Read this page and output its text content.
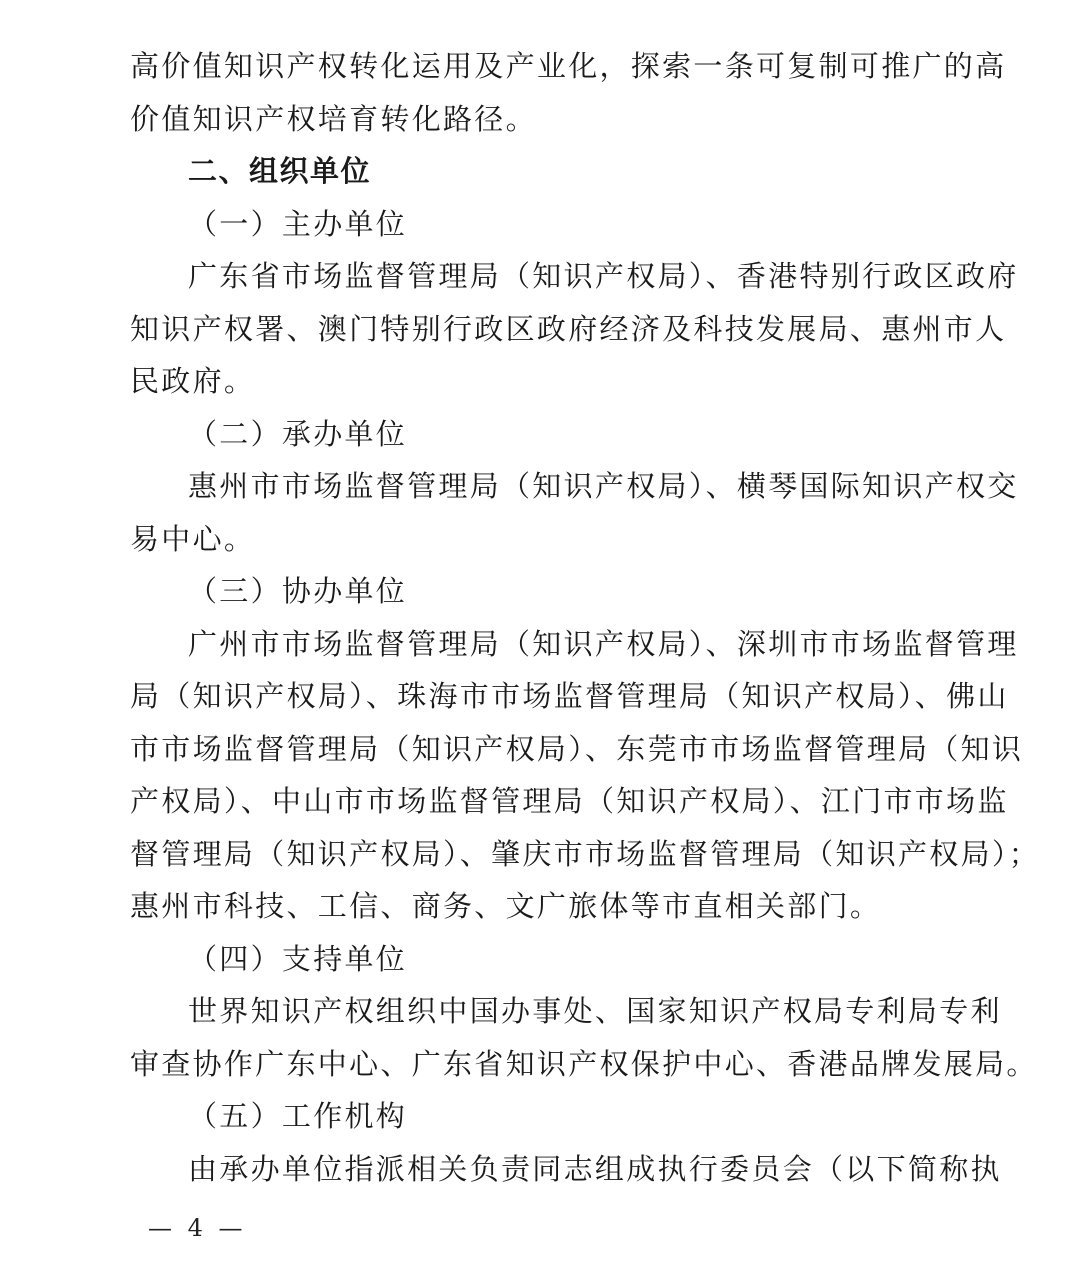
高价值知识产权转化运用及产业化，探索一条可复制可推广的高
价值知识产权培育转化路径。
二、组织单位
（一）主办单位
广东省市场监督管理局（知识产权局）、香港特别行政区政府
知识产权署、澳门特别行政区政府经济及科技发展局、惠州市人
民政府。
（二）承办单位
惠州市市场监督管理局（知识产权局）、横琴国际知识产权交
易中心。
（三）协办单位
广州市市场监督管理局（知识产权局）、深圳市市场监督管理
局（知识产权局）、珠海市市场监督管理局（知识产权局）、佛山
市市场监督管理局（知识产权局）、东莞市市场监督管理局（知识
产权局）、中山市市场监督管理局（知识产权局）、江门市市场监
督管理局（知识产权局）、肇庆市市场监督管理局（知识产权局）；
惠州市科技、工信、商务、文广旅体等市直相关部门。
（四）支持单位
世界知识产权组织中国办事处、国家知识产权局专利局专利
审查协作广东中心、广东省知识产权保护中心、香港品牌发展局。
（五）工作机构
由承办单位指派相关负责同志组成执行委员会（以下简称执
— 4 —
